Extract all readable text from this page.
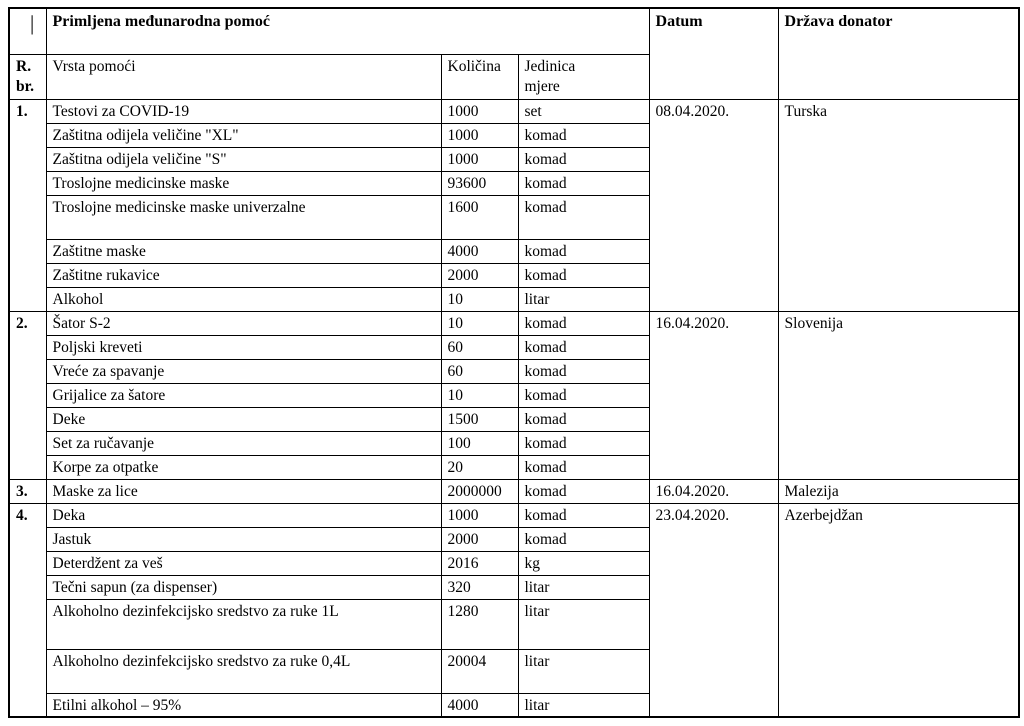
|	Primljena međunarodna pomoć			Datum	Država donator
R. br.	Vrsta pomoći	Količina	Jedinica mjere		
1.	Testovi za COVID-19	1000	set	08.04.2020.	Turska
	Zaštitna odijela veličine "XL"	1000	komad		
	Zaštitna odijela veličine "S"	1000	komad		
	Troslojne medicinske maske	93600	komad		
	Troslojne medicinske maske univerzalne	1600	komad		
	Zaštitne maske	4000	komad		
	Zaštitne rukavice	2000	komad		
	Alkohol	10	litar		
2.	Šator S-2	10	komad	16.04.2020.	Slovenija
	Poljski kreveti	60	komad		
	Vreće za spavanje	60	komad		
	Grijalice za šatore	10	komad		
	Deke	1500	komad		
	Set za ručavanje	100	komad		
	Korpe za otpatke	20	komad		
3.	Maske za lice	2000000	komad	16.04.2020.	Malezija
4.	Deka	1000	komad	23.04.2020.	Azerbejdžan
	Jastuk	2000	komad		
	Deterdžent za veš	2016	kg		
	Tečni sapun (za dispenser)	320	litar		
	Alkoholno dezinfekcijsko sredstvo za ruke 1L	1280	litar		
	Alkoholno dezinfekcijsko sredstvo za ruke 0,4L	20004	litar		
	Etilni alkohol – 95%	4000	litar		
